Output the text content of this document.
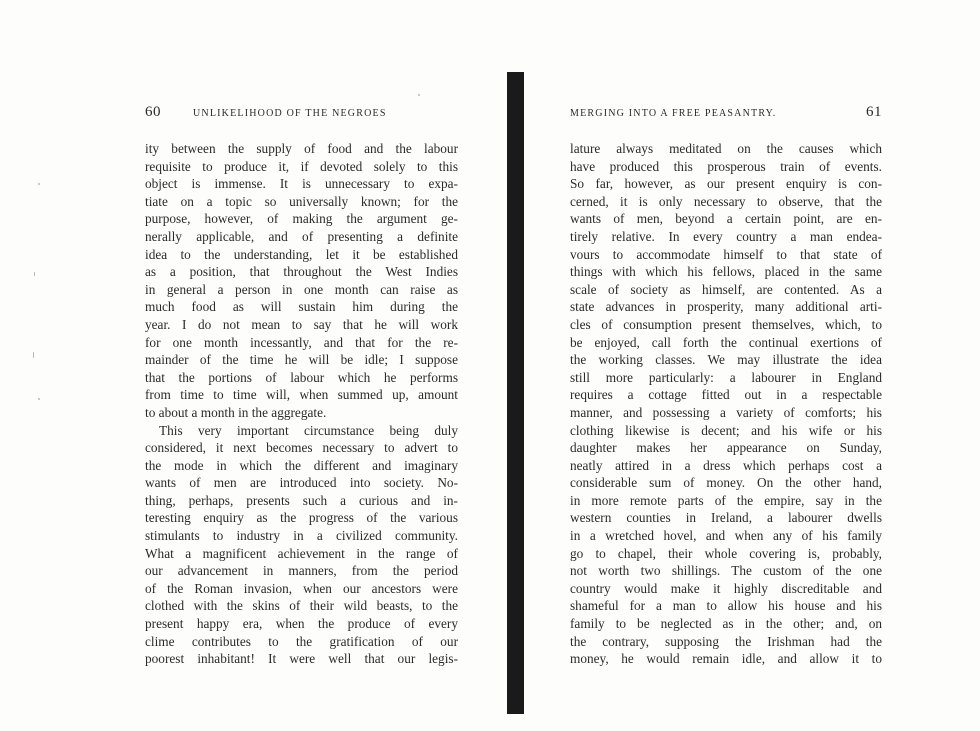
60	UNLIKELIHOOD OF THE NEGROES
ity between the supply of food and the labour
requisite to produce it, if devoted solely to this
object is immense. It is unnecessary to expa-
tiate on a topic so universally known; for the
purpose, however, of making the argument ge-
nerally applicable, and of presenting a definite
idea to the understanding, let it be established
as a position, that throughout the West Indies
in general a person in one month can raise as
much food as will sustain him during the
year. I do not mean to say that he will work
for one month incessantly, and that for the re-
mainder of the time he will be idle; I suppose
that the portions of labour which he performs
from time to time will, when summed up, amount
to about a month in the aggregate.
This very important circumstance being duly
considered, it next becomes necessary to advert to
the mode in which the different and imaginary
wants of men are introduced into society. No-
thing, perhaps, presents such a curious and in-
teresting enquiry as the progress of the various
stimulants to industry in a civilized community.
What a magnificent achievement in the range of
our advancement in manners, from the period
of the Roman invasion, when our ancestors were
clothed with the skins of their wild beasts, to the
present happy era, when the produce of every
clime contributes to the gratification of our
poorest inhabitant! It were well that our legis-
MERGING INTO A FREE PEASANTRY.	61
lature always meditated on the causes which
have produced this prosperous train of events.
So far, however, as our present enquiry is con-
cerned, it is only necessary to observe, that the
wants of men, beyond a certain point, are en-
tirely relative. In every country a man endea-
vours to accommodate himself to that state of
things with which his fellows, placed in the same
scale of society as himself, are contented. As a
state advances in prosperity, many additional arti-
cles of consumption present themselves, which, to
be enjoyed, call forth the continual exertions of
the working classes. We may illustrate the idea
still more particularly: a labourer in England
requires a cottage fitted out in a respectable
manner, and possessing a variety of comforts; his
clothing likewise is decent; and his wife or his
daughter makes her appearance on Sunday,
neatly attired in a dress which perhaps cost a
considerable sum of money. On the other hand,
in more remote parts of the empire, say in the
western counties in Ireland, a labourer dwells
in a wretched hovel, and when any of his family
go to chapel, their whole covering is, probably,
not worth two shillings. The custom of the one
country would make it highly discreditable and
shameful for a man to allow his house and his
family to be neglected as in the other; and, on
the contrary, supposing the Irishman had the
money, he would remain idle, and allow it to
